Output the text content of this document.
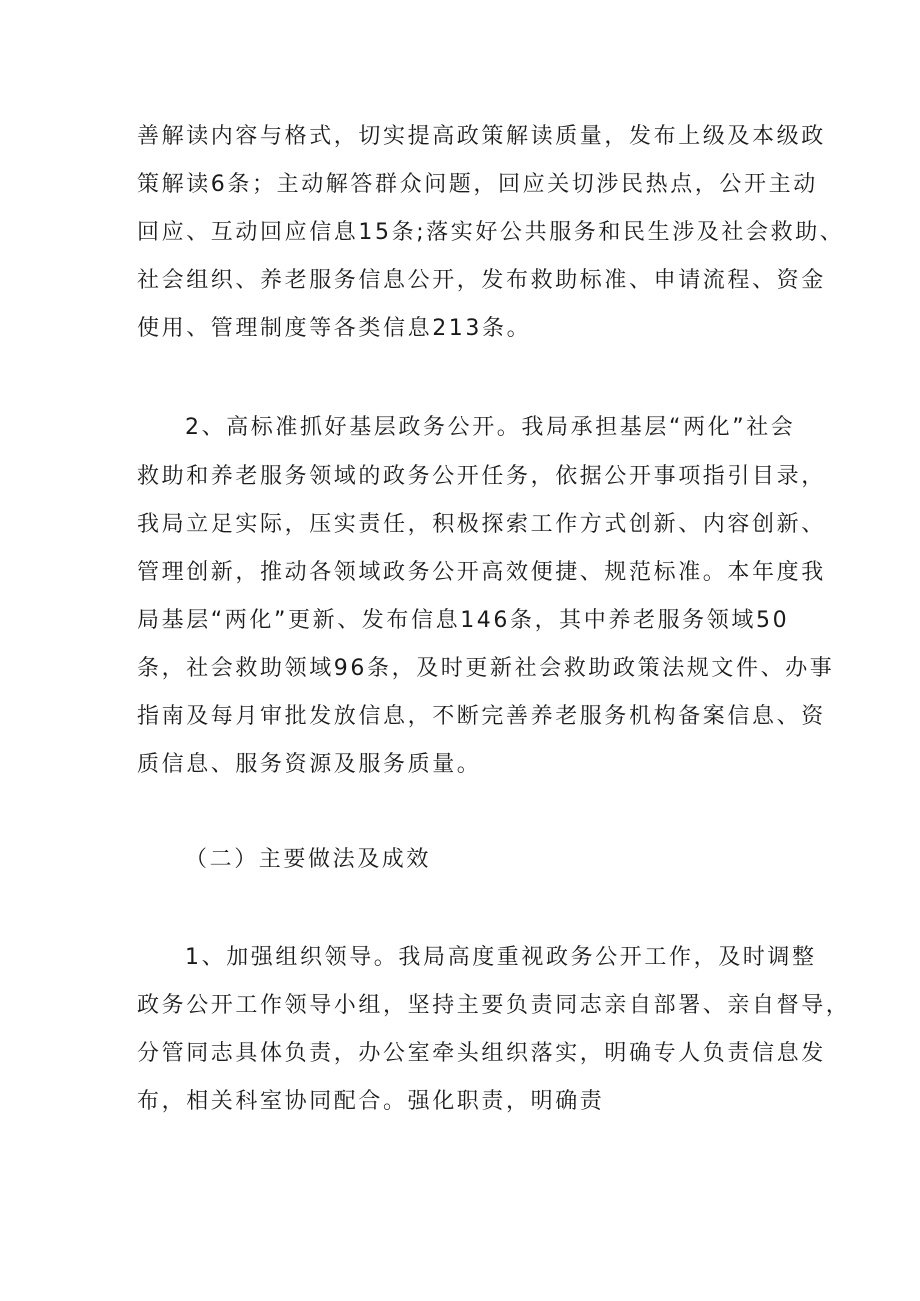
善解读内容与格式，切实提高政策解读质量，发布上级及本级政
策解读6条；主动解答群众问题，回应关切涉民热点，公开主动
回应、互动回应信息15条;落实好公共服务和民生涉及社会救助、
社会组织、养老服务信息公开，发布救助标准、申请流程、资金
使用、管理制度等各类信息213条。
2、高标准抓好基层政务公开。我局承担基层“两化”社会
救助和养老服务领域的政务公开任务，依据公开事项指引目录，
我局立足实际，压实责任，积极探索工作方式创新、内容创新、
管理创新，推动各领域政务公开高效便捷、规范标准。本年度我
局基层“两化”更新、发布信息146条，其中养老服务领域50
条，社会救助领域96条，及时更新社会救助政策法规文件、办事
指南及每月审批发放信息，不断完善养老服务机构备案信息、资
质信息、服务资源及服务质量。
（二）主要做法及成效
1、加强组织领导。我局高度重视政务公开工作，及时调整
政务公开工作领导小组，坚持主要负责同志亲自部署、亲自督导，
分管同志具体负责，办公室牵头组织落实，明确专人负责信息发
布，相关科室协同配合。强化职责，明确责
